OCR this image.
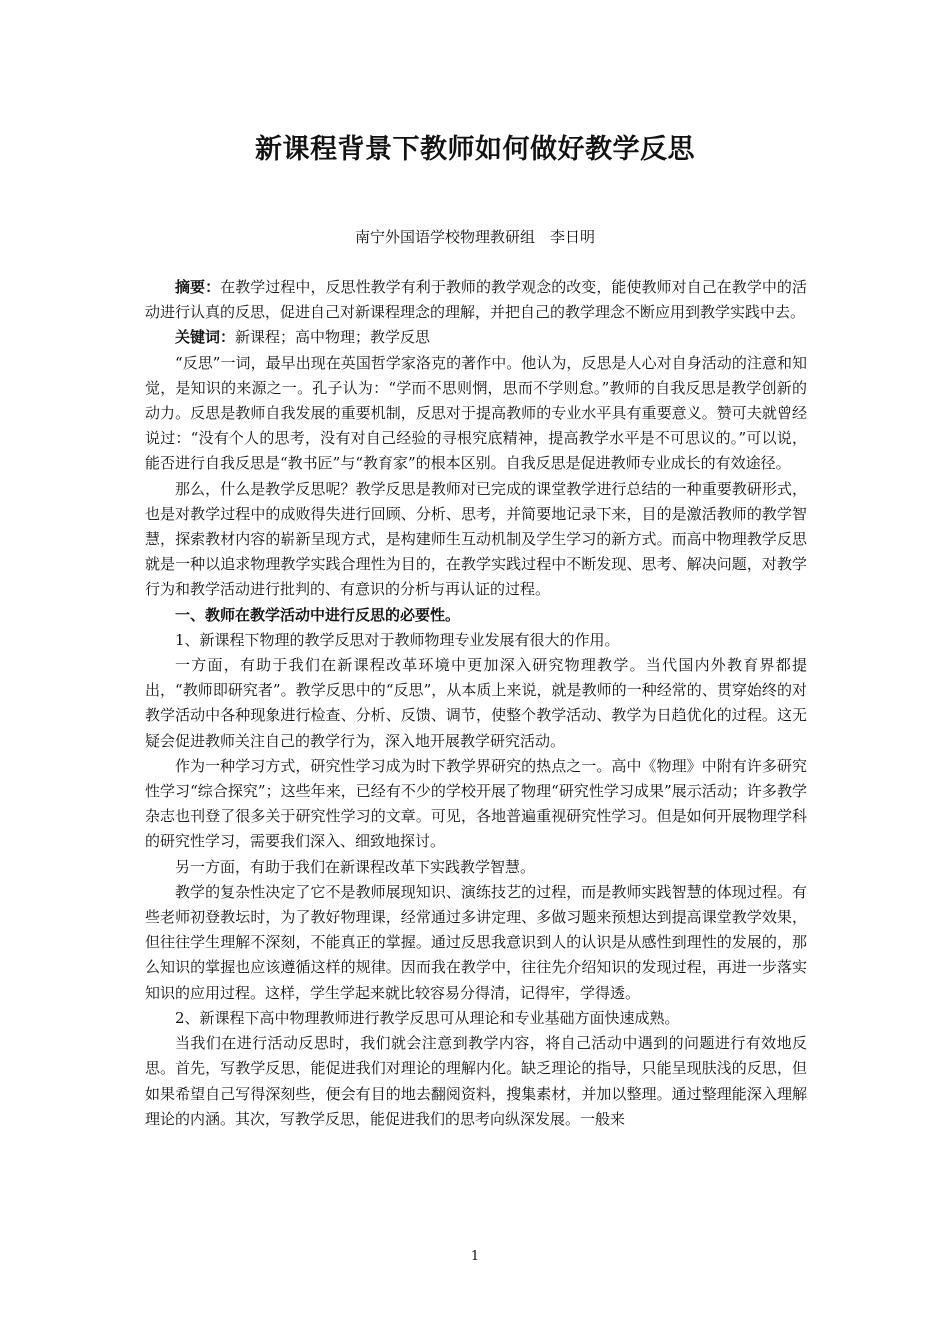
新课程背景下教师如何做好教学反思
南宁外国语学校物理教研组　李日明

摘要：在教学过程中，反思性教学有利于教师的教学观念的改变，能使教师对自己在教学中的活动进行认真的反思，促进自己对新课程理念的理解，并把自己的教学理念不断应用到教学实践中去。

关键词：新课程；高中物理；教学反思

“反思”一词，最早出现在英国哲学家洛克的著作中。他认为，反思是人心对自身活动的注意和知觉，是知识的来源之一。孔子认为：“学而不思则惘，思而不学则怠。”教师的自我反思是教学创新的动力。反思是教师自我发展的重要机制，反思对于提高教师的专业水平具有重要意义。赞可夫就曾经说过：“没有个人的思考，没有对自己经验的寻根究底精神，提高教学水平是不可思议的。”可以说，能否进行自我反思是“教书匠”与“教育家”的根本区别。自我反思是促进教师专业成长的有效途径。

那么，什么是教学反思呢？教学反思是教师对已完成的课堂教学进行总结的一种重要教研形式，也是对教学过程中的成败得失进行回顾、分析、思考，并简要地记录下来，目的是激活教师的教学智慧，探索教材内容的崭新呈现方式，是构建师生互动机制及学生学习的新方式。而高中物理教学反思就是一种以追求物理教学实践合理性为目的，在教学实践过程中不断发现、思考、解决问题，对教学行为和教学活动进行批判的、有意识的分析与再认证的过程。

一、教师在教学活动中进行反思的必要性。

1、新课程下物理的教学反思对于教师物理专业发展有很大的作用。

一方面，有助于我们在新课程改革环境中更加深入研究物理教学。当代国内外教育界都提出，“教师即研究者”。教学反思中的“反思”，从本质上来说，就是教师的一种经常的、贯穿始终的对教学活动中各种现象进行检查、分析、反馈、调节，使整个教学活动、教学为日趋优化的过程。这无疑会促进教师关注自己的教学行为，深入地开展教学研究活动。

作为一种学习方式，研究性学习成为时下教学界研究的热点之一。高中《物理》中附有许多研究性学习“综合探究”；这些年来，已经有不少的学校开展了物理“研究性学习成果”展示活动；许多教学杂志也刊登了很多关于研究性学习的文章。可见，各地普遍重视研究性学习。但是如何开展物理学科的研究性学习，需要我们深入、细致地探讨。

另一方面，有助于我们在新课程改革下实践教学智慧。

教学的复杂性决定了它不是教师展现知识、演练技艺的过程，而是教师实践智慧的体现过程。有些老师初登教坛时，为了教好物理课，经常通过多讲定理、多做习题来预想达到提高课堂教学效果，但往往学生理解不深刻，不能真正的掌握。通过反思我意识到人的认识是从感性到理性的发展的，那么知识的掌握也应该遵循这样的规律。因而我在教学中，往往先介绍知识的发现过程，再进一步落实知识的应用过程。这样，学生学起来就比较容易分得清，记得牢，学得透。

2、新课程下高中物理教师进行教学反思可从理论和专业基础方面快速成熟。

当我们在进行活动反思时，我们就会注意到教学内容，将自己活动中遇到的问题进行有效地反思。首先，写教学反思，能促进我们对理论的理解内化。缺乏理论的指导，只能呈现肤浅的反思，但如果希望自己写得深刻些，便会有目的地去翻阅资料，搜集素材，并加以整理。通过整理能深入理解理论的内涵。其次，写教学反思，能促进我们的思考向纵深发展。一般来

1
